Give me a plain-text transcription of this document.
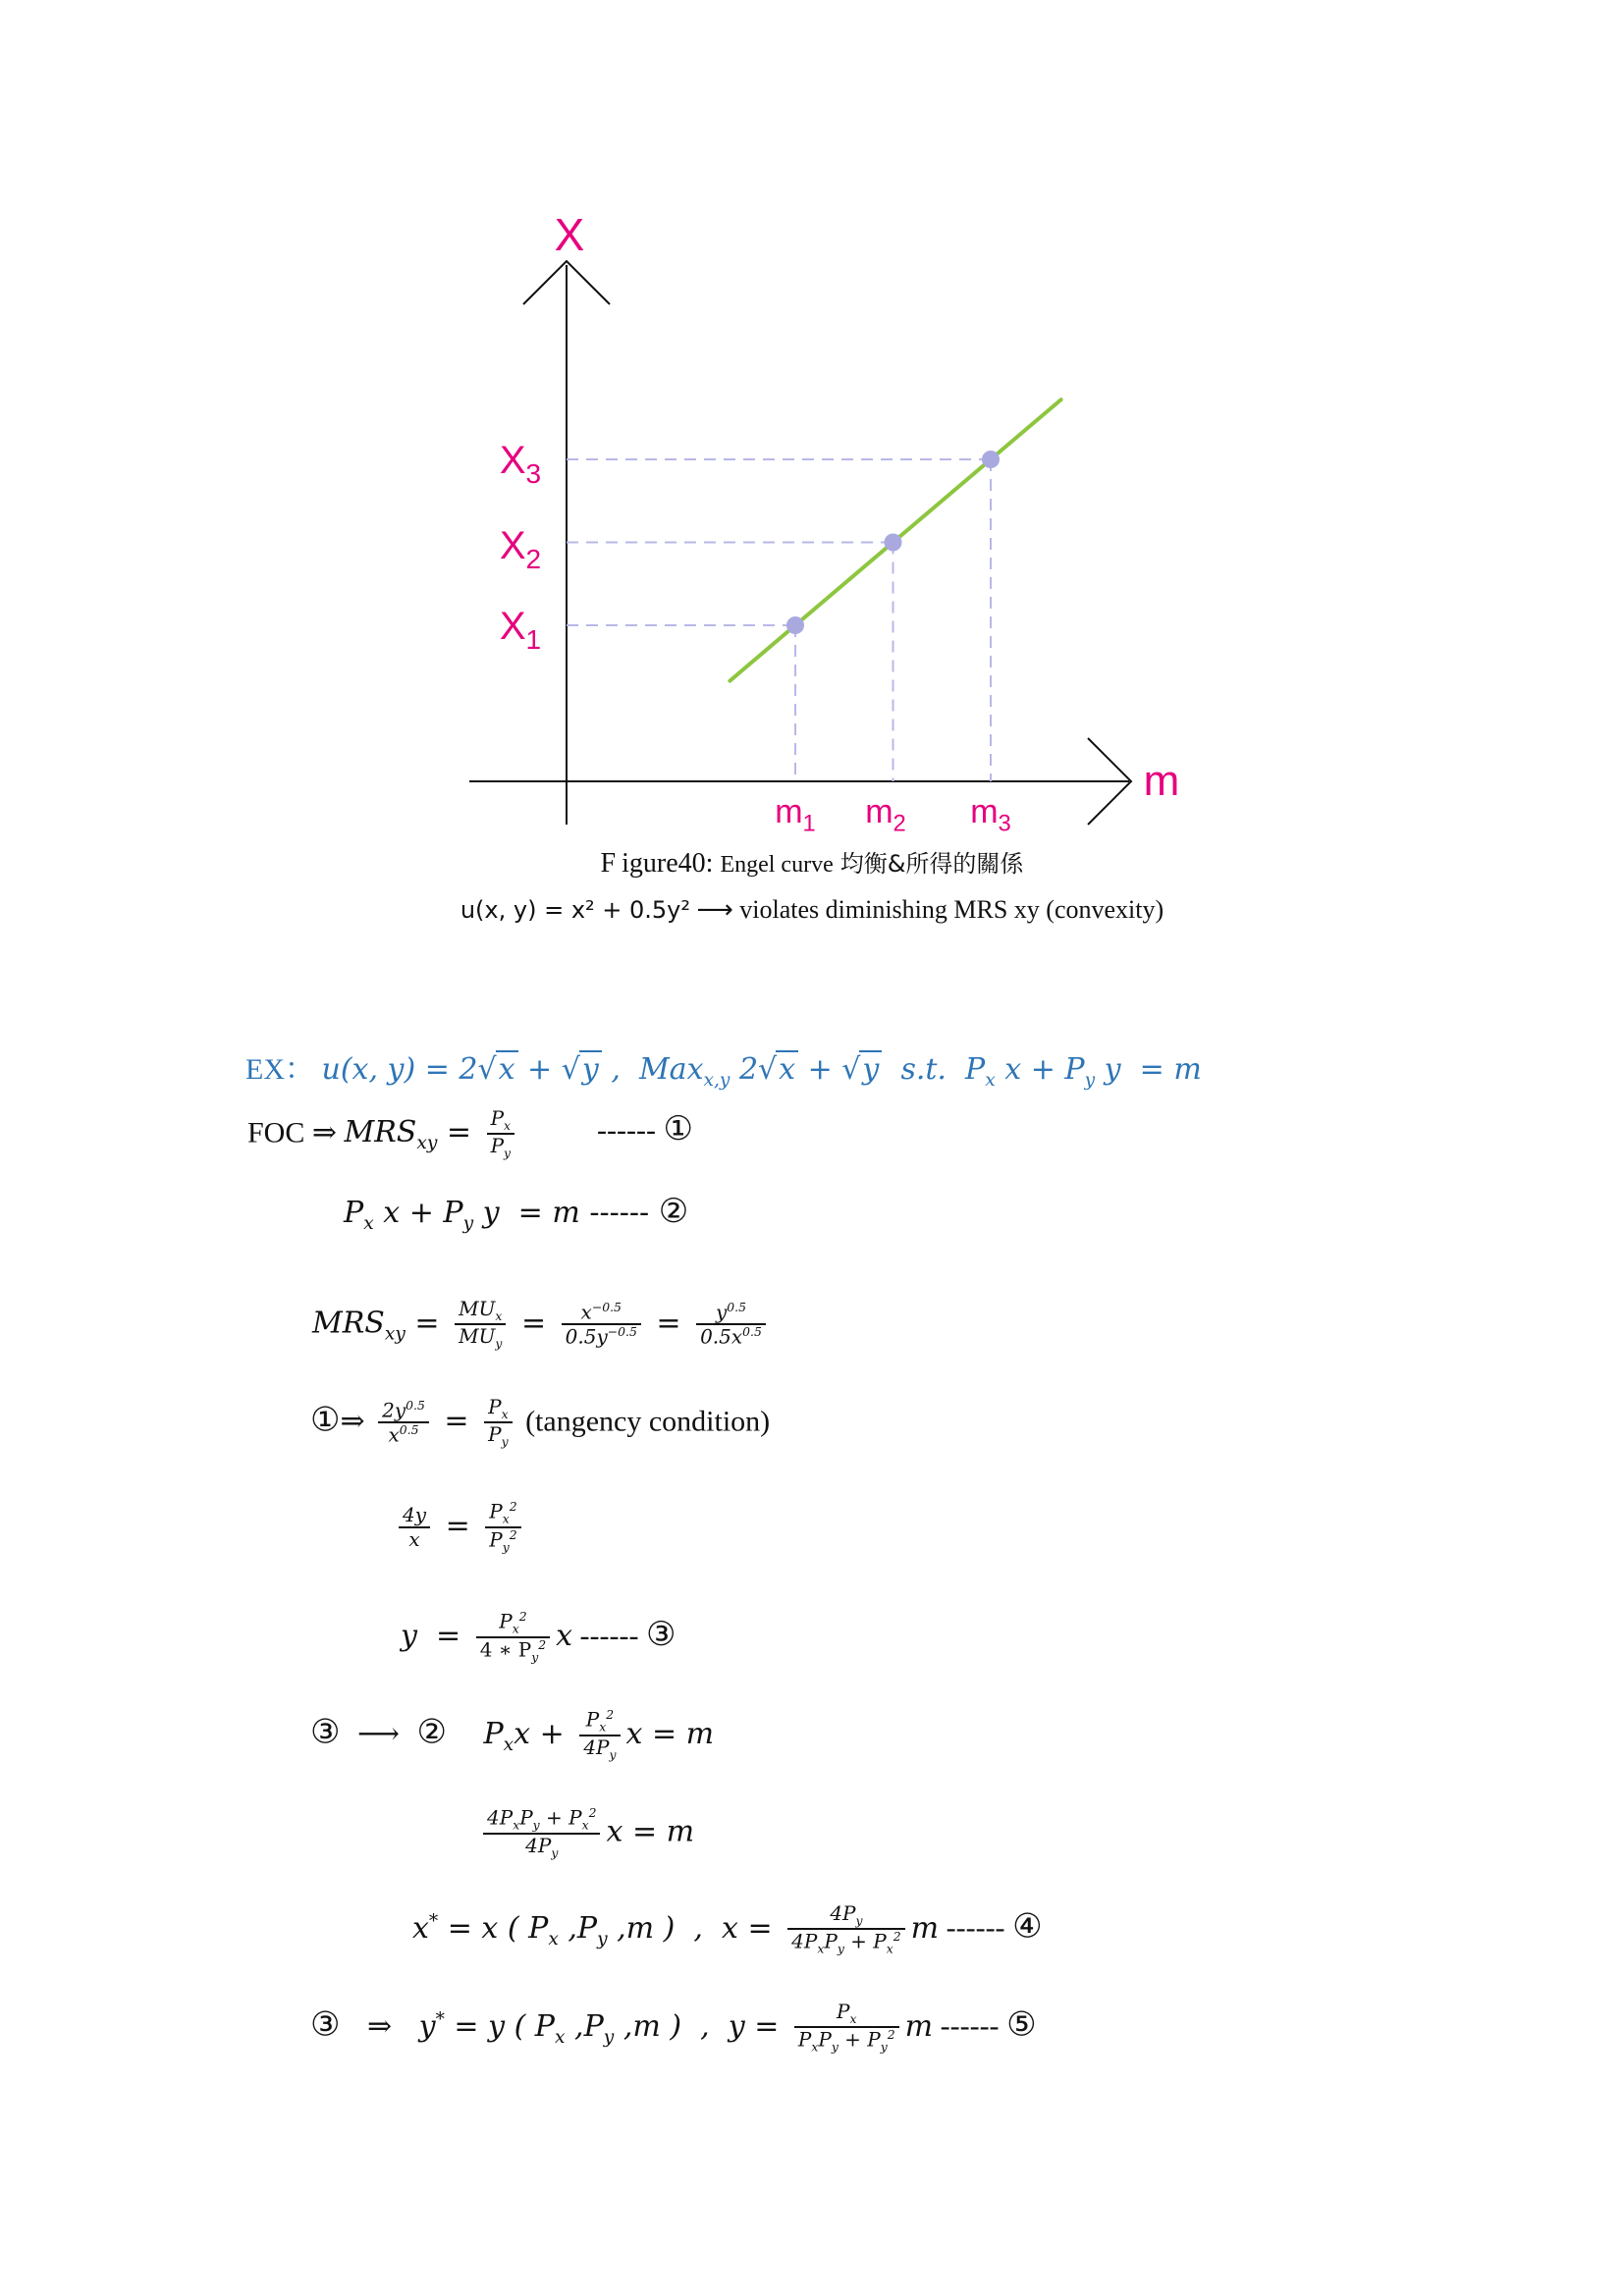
X
m
$m_1$ $m_2$ $m_3$
$X_1$
$X_2$
$X_3$
F igure40: Engel curve 均衡&所得的關係
u(x, y) = x² + 0.5y² ⟶ violates diminishing MRS xy (convexity)
EX： u(x, y) = 2√x + √y ,  Max$_{x,y}$ 2√x + √y  s.t.  $P_x$ $x + P_y$ y  = m
FOC ⇒ $MRS_{xy} = \frac{P_x}{P_y}$	------ ①
$P_x$ $x + P_y$ y  = m ------ ②
$MRS_{xy} = \frac{MU_x}{MU_y} = \frac{x^{-0.5}}{0.5y^{-0.5}} = \frac{y^{0.5}}{0.5x^{0.5}}$
①⇒ $\frac{2y^{0.5}}{x^{0.5}} = \frac{P_x}{P_y}$ (tangency condition)
$\frac{4y}{x} = \frac{P_x^2}{P_y^2}$
$y = \frac{P_x^2}{4 ∗ P_y^2}$ x ------ ③
③ ⟶ ② $P_xx + \frac{P_x^2}{4P_y}$ x = m
$\frac{4P_xP_y + P_x^2}{4P_y}$ x = m
x* = x ( $P_x$ $,P_y$ ,m )  ,  $x = \frac{4P_y}{4P_xP_y + P_x^2}$ m ------ ④
③ ⇒ y* = y ( $P_x$ $,P_y$ ,m )  ,  $y = \frac{P_x}{P_xP_y + P_y^2}$ m ------ ⑤
